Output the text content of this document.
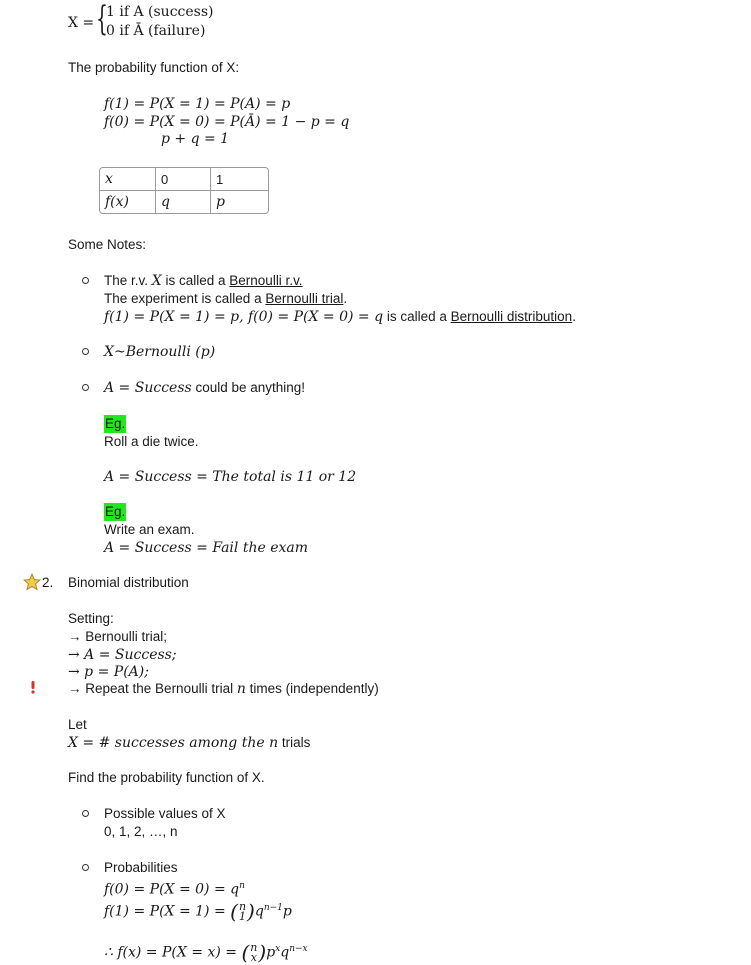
X = {
1 if A (success)
0 if Ā (failure)
The probability function of X:
f(1) = P(X = 1) = P(A) = p
f(0) = P(X = 0) = P(Ā) = 1 − p = q
p + q = 1
x	0	1
f(x)	q	p
Some Notes:
The r.v. X is called a Bernoulli r.v.
The experiment is called a Bernoulli trial.
f(1) = P(X = 1) = p, f(0) = P(X = 0) = q is called a Bernoulli distribution.
X~Bernoulli (p)
A = Success could be anything!
Eg.
Roll a die twice.
A = Success = The total is 11 or 12
Eg.
Write an exam.
A = Success = Fail the exam
2. Binomial distribution
Setting:
→ Bernoulli trial;
→ A = Success;
→ p = P(A);
→ Repeat the Bernoulli trial n times (independently)
Let
X = # successes among the n trials
Find the probability function of X.
Possible values of X
0, 1, 2, …, n
Probabilities
$f(0) = P(X = 0) = q^n$
f(1) = P(X = 1) = (n
$1)q^{n-1}p$
∴ f(x) = P(X = x) = (n
$x)p^xq^{n-x}$
